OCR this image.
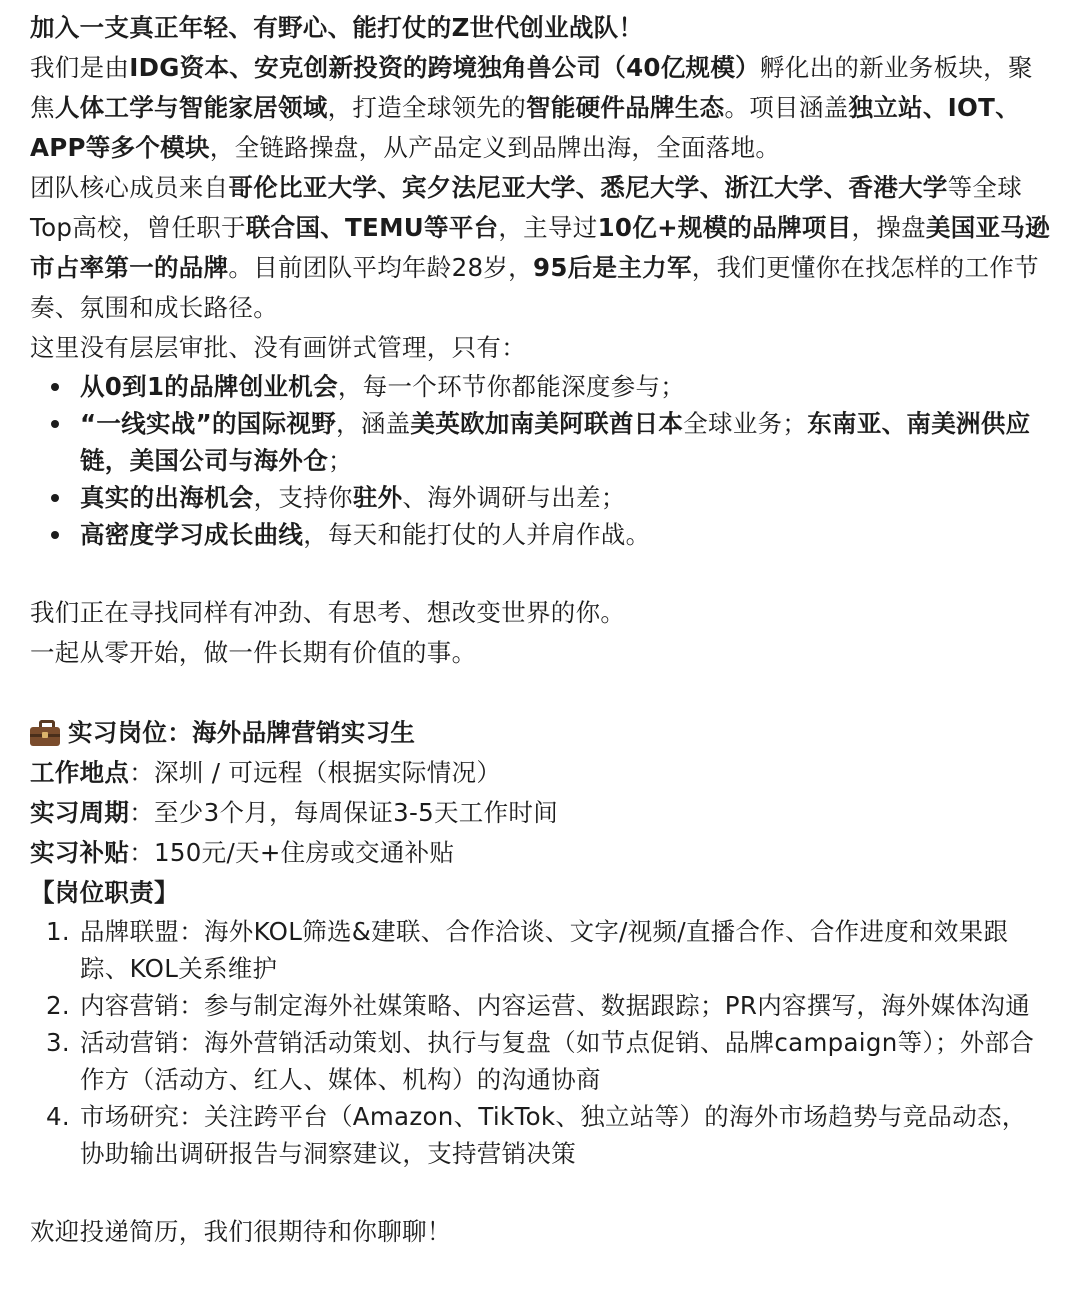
加入一支真正年轻、有野心、能打仗的Z世代创业战队！

我们是由IDG资本、安克创新投资的跨境独角兽公司（40亿规模）孵化出的新业务板块，聚焦人体工学与智能家居领域，打造全球领先的智能硬件品牌生态。项目涵盖独立站、IOT、APP等多个模块，全链路操盘，从产品定义到品牌出海，全面落地。

团队核心成员来自哥伦比亚大学、宾夕法尼亚大学、悉尼大学、浙江大学、香港大学等全球Top高校，曾任职于联合国、TEMU等平台，主导过10亿+规模的品牌项目，操盘美国亚马逊市占率第一的品牌。目前团队平均年龄28岁，95后是主力军，我们更懂你在找怎样的工作节奏、氛围和成长路径。

这里没有层层审批、没有画饼式管理，只有：

从0到1的品牌创业机会，每一个环节你都能深度参与；
“一线实战”的国际视野，涵盖美英欧加南美阿联酋日本全球业务；东南亚、南美洲供应链，美国公司与海外仓；
真实的出海机会，支持你驻外、海外调研与出差；
高密度学习成长曲线，每天和能打仗的人并肩作战。

我们正在寻找同样有冲劲、有思考、想改变世界的你。

一起从零开始，做一件长期有价值的事。

实习岗位：海外品牌营销实习生

工作地点：深圳 / 可远程（根据实际情况）

实习周期：至少3个月，每周保证3-5天工作时间

实习补贴：150元/天+住房或交通补贴

【岗位职责】

1. 品牌联盟：海外KOL筛选&建联、合作洽谈、文字/视频/直播合作、合作进度和效果跟踪、KOL关系维护
2. 内容营销：参与制定海外社媒策略、内容运营、数据跟踪；PR内容撰写，海外媒体沟通
3. 活动营销：海外营销活动策划、执行与复盘（如节点促销、品牌campaign等）；外部合作方（活动方、红人、媒体、机构）的沟通协商
4. 市场研究：关注跨平台（Amazon、TikTok、独立站等）的海外市场趋势与竞品动态，协助输出调研报告与洞察建议，支持营销决策

欢迎投递简历，我们很期待和你聊聊！
